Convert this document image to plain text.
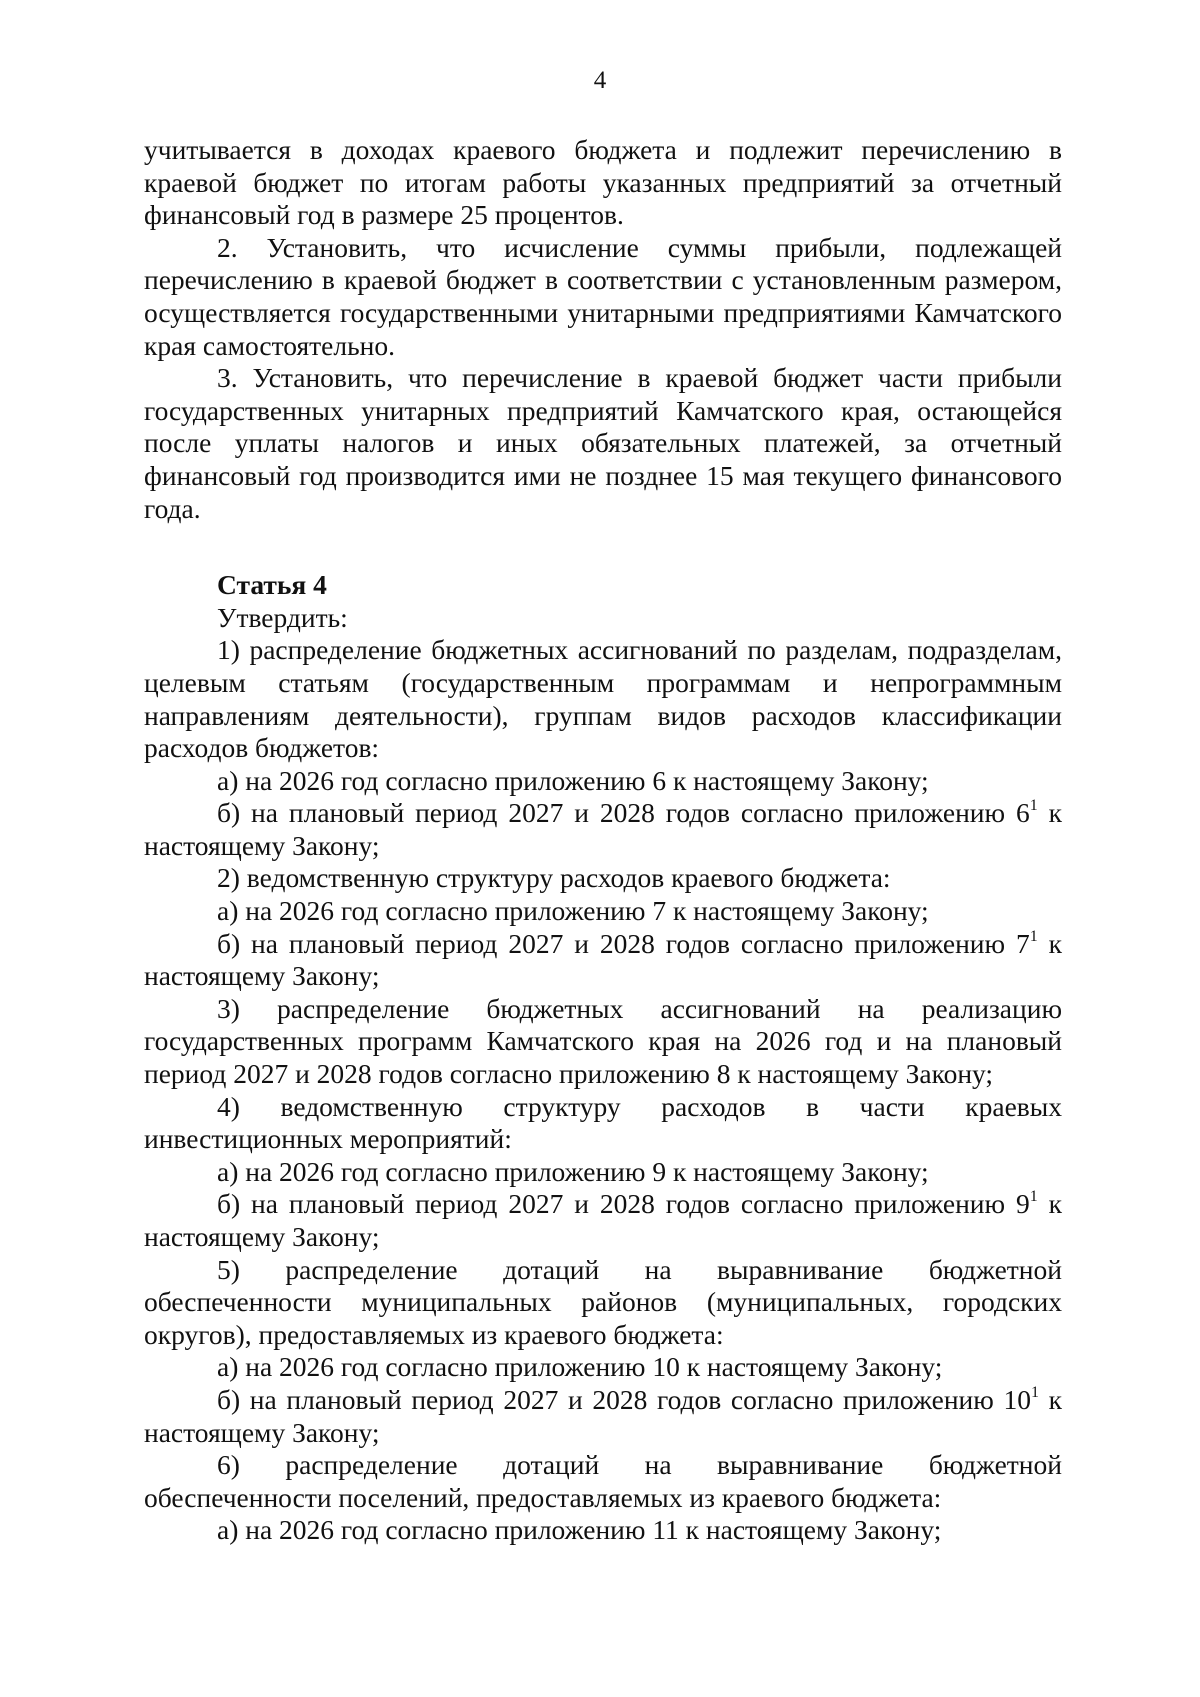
4

учитывается в доходах краевого бюджета и подлежит перечислению в краевой бюджет по итогам работы указанных предприятий за отчетный финансовый год в размере 25 процентов.

2. Установить, что исчисление суммы прибыли, подлежащей перечислению в краевой бюджет в соответствии с установленным размером, осуществляется государственными унитарными предприятиями Камчатского края самостоятельно.

3. Установить, что перечисление в краевой бюджет части прибыли государственных унитарных предприятий Камчатского края, остающейся после уплаты налогов и иных обязательных платежей, за отчетный финансовый год производится ими не позднее 15 мая текущего финансового года.

Статья 4

Утвердить:

1) распределение бюджетных ассигнований по разделам, подразделам, целевым статьям (государственным программам и непрограммным направлениям деятельности), группам видов расходов классификации расходов бюджетов:

а) на 2026 год согласно приложению 6 к настоящему Закону;

б) на плановый период 2027 и 2028 годов согласно приложению $6^1$ к настоящему Закону;

2) ведомственную структуру расходов краевого бюджета:

а) на 2026 год согласно приложению 7 к настоящему Закону;

б) на плановый период 2027 и 2028 годов согласно приложению $7^1$ к настоящему Закону;

3) распределение бюджетных ассигнований на реализацию государственных программ Камчатского края на 2026 год и на плановый период 2027 и 2028 годов согласно приложению 8 к настоящему Закону;

4) ведомственную структуру расходов в части краевых инвестиционных мероприятий:

а) на 2026 год согласно приложению 9 к настоящему Закону;

б) на плановый период 2027 и 2028 годов согласно приложению $9^1$ к настоящему Закону;

5) распределение дотаций на выравнивание бюджетной обеспеченности муниципальных районов (муниципальных, городских округов), предоставляемых из краевого бюджета:

а) на 2026 год согласно приложению 10 к настоящему Закону;

б) на плановый период 2027 и 2028 годов согласно приложению $10^1$ к настоящему Закону;

6) распределение дотаций на выравнивание бюджетной обеспеченности поселений, предоставляемых из краевого бюджета:

а) на 2026 год согласно приложению 11 к настоящему Закону;
